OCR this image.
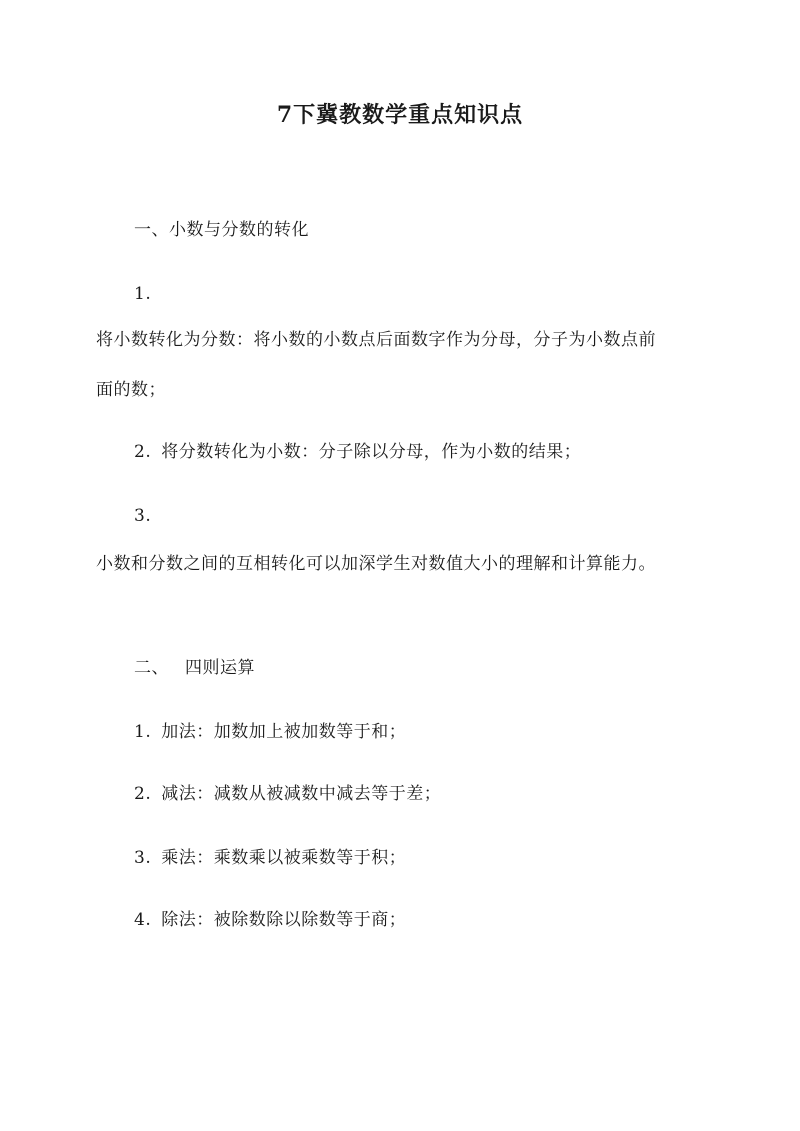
7下冀教数学重点知识点
一、小数与分数的转化
1.
将小数转化为分数：将小数的小数点后面数字作为分母，分子为小数点前
面的数；
2. 将分数转化为小数：分子除以分母，作为小数的结果；
3.
小数和分数之间的互相转化可以加深学生对数值大小的理解和计算能力。
二、 四则运算
1. 加法：加数加上被加数等于和；
2. 减法：减数从被减数中减去等于差；
3. 乘法：乘数乘以被乘数等于积；
4. 除法：被除数除以除数等于商；
